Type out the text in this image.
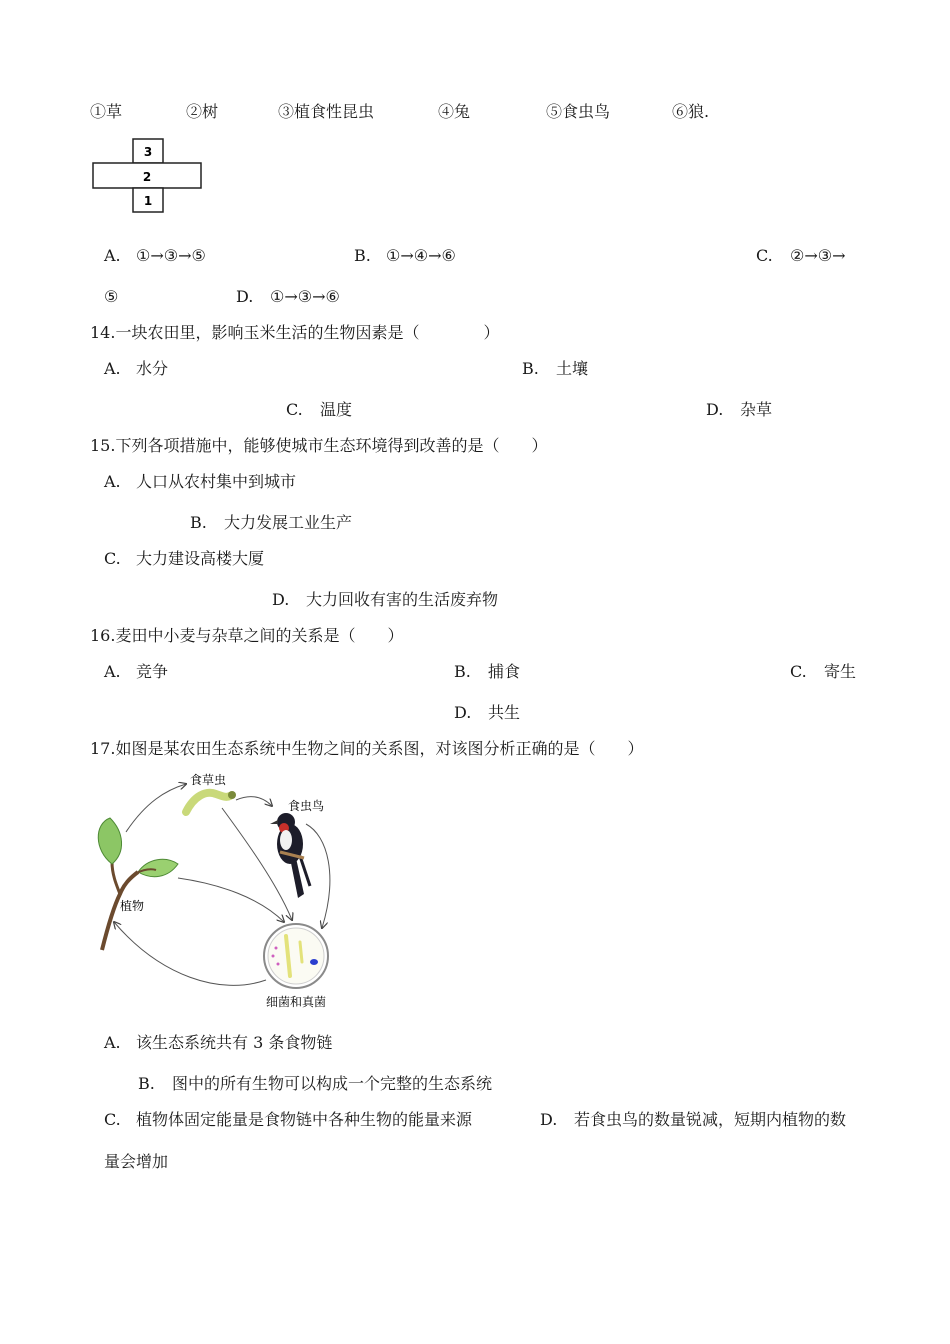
①草	②树	③植食性昆虫	④兔	⑤食虫鸟	⑥狼.
3
2
1
A. ①→③→⑤	B. ①→④→⑥	C. ②→③→
⑤	D. ①→③→⑥
14.一块农田里，影响玉米生活的生物因素是（　　　　）
A. 水分	B. 土壤
C. 温度	D. 杂草
15.下列各项措施中，能够使城市生态环境得到改善的是（　　）
A. 人口从农村集中到城市
B. 大力发展工业生产
C. 大力建设高楼大厦
D. 大力回收有害的生活废弃物
16.麦田中小麦与杂草之间的关系是（　　）
A. 竞争	B. 捕食	C. 寄生
D. 共生
17.如图是某农田生态系统中生物之间的关系图，对该图分析正确的是（　　）
食草虫
食虫鸟
植物
细菌和真菌
A. 该生态系统共有 3 条食物链
B. 图中的所有生物可以构成一个完整的生态系统
C. 植物体固定能量是食物链中各种生物的能量来源	D. 若食虫鸟的数量锐减，短期内植物的数
量会增加
